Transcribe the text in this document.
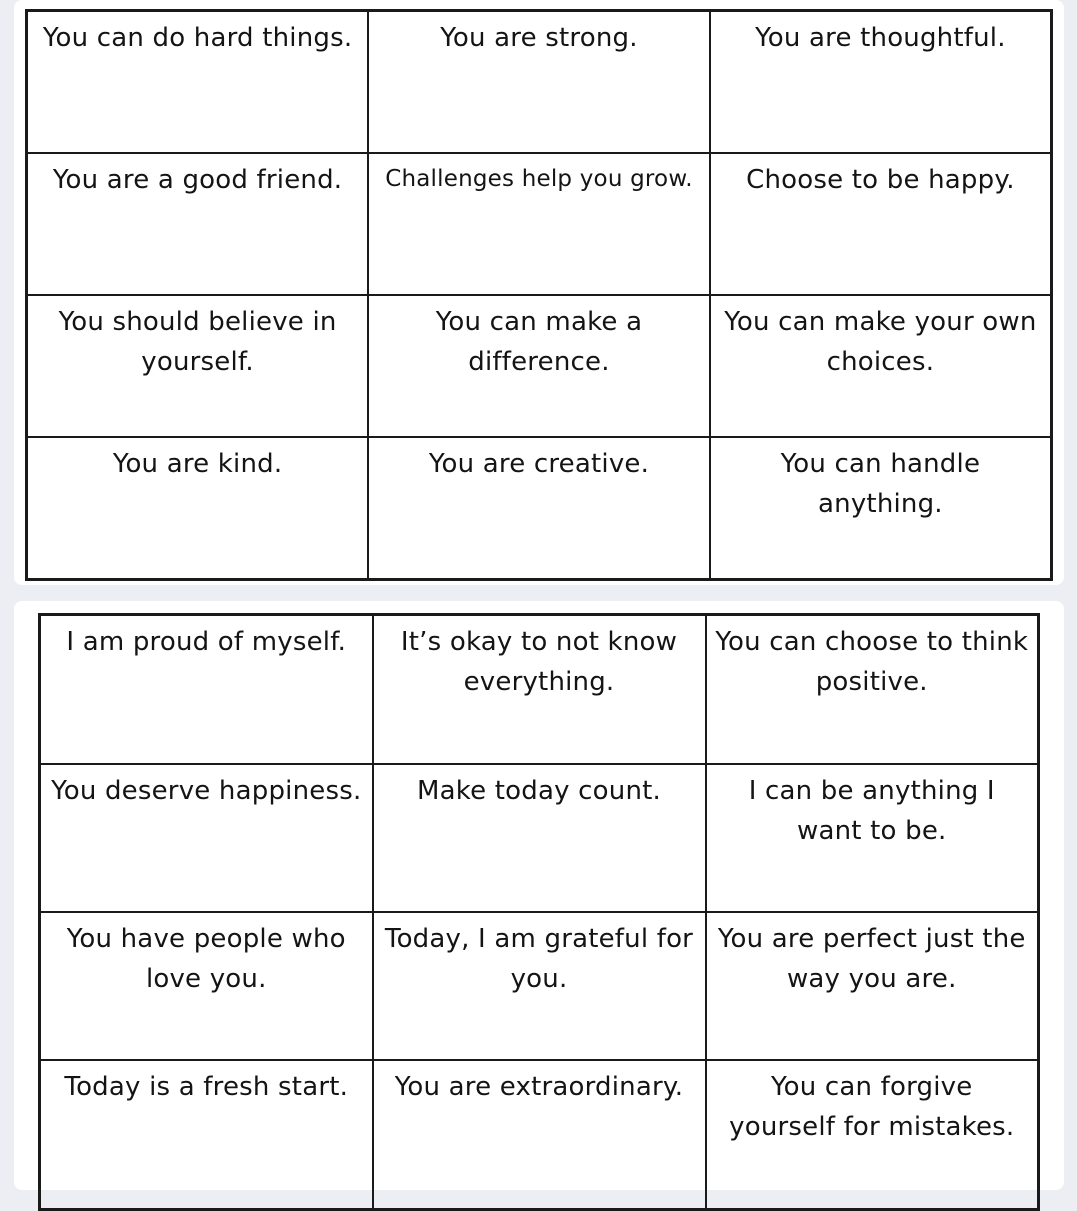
You can do hard things.	You are strong.	You are thoughtful.
You are a good friend.	Challenges help you grow.	Choose to be happy.
You should believe in yourself.	You can make a difference.	You can make your own choices.
You are kind.	You are creative.	You can handle anything.
I am proud of myself.	It’s okay to not know everything.	You can choose to think positive.
You deserve happiness.	Make today count.	I can be anything I want to be.
You have people who love you.	Today, I am grateful for you.	You are perfect just the way you are.
Today is a fresh start.	You are extraordinary.	You can forgive yourself for mistakes.
